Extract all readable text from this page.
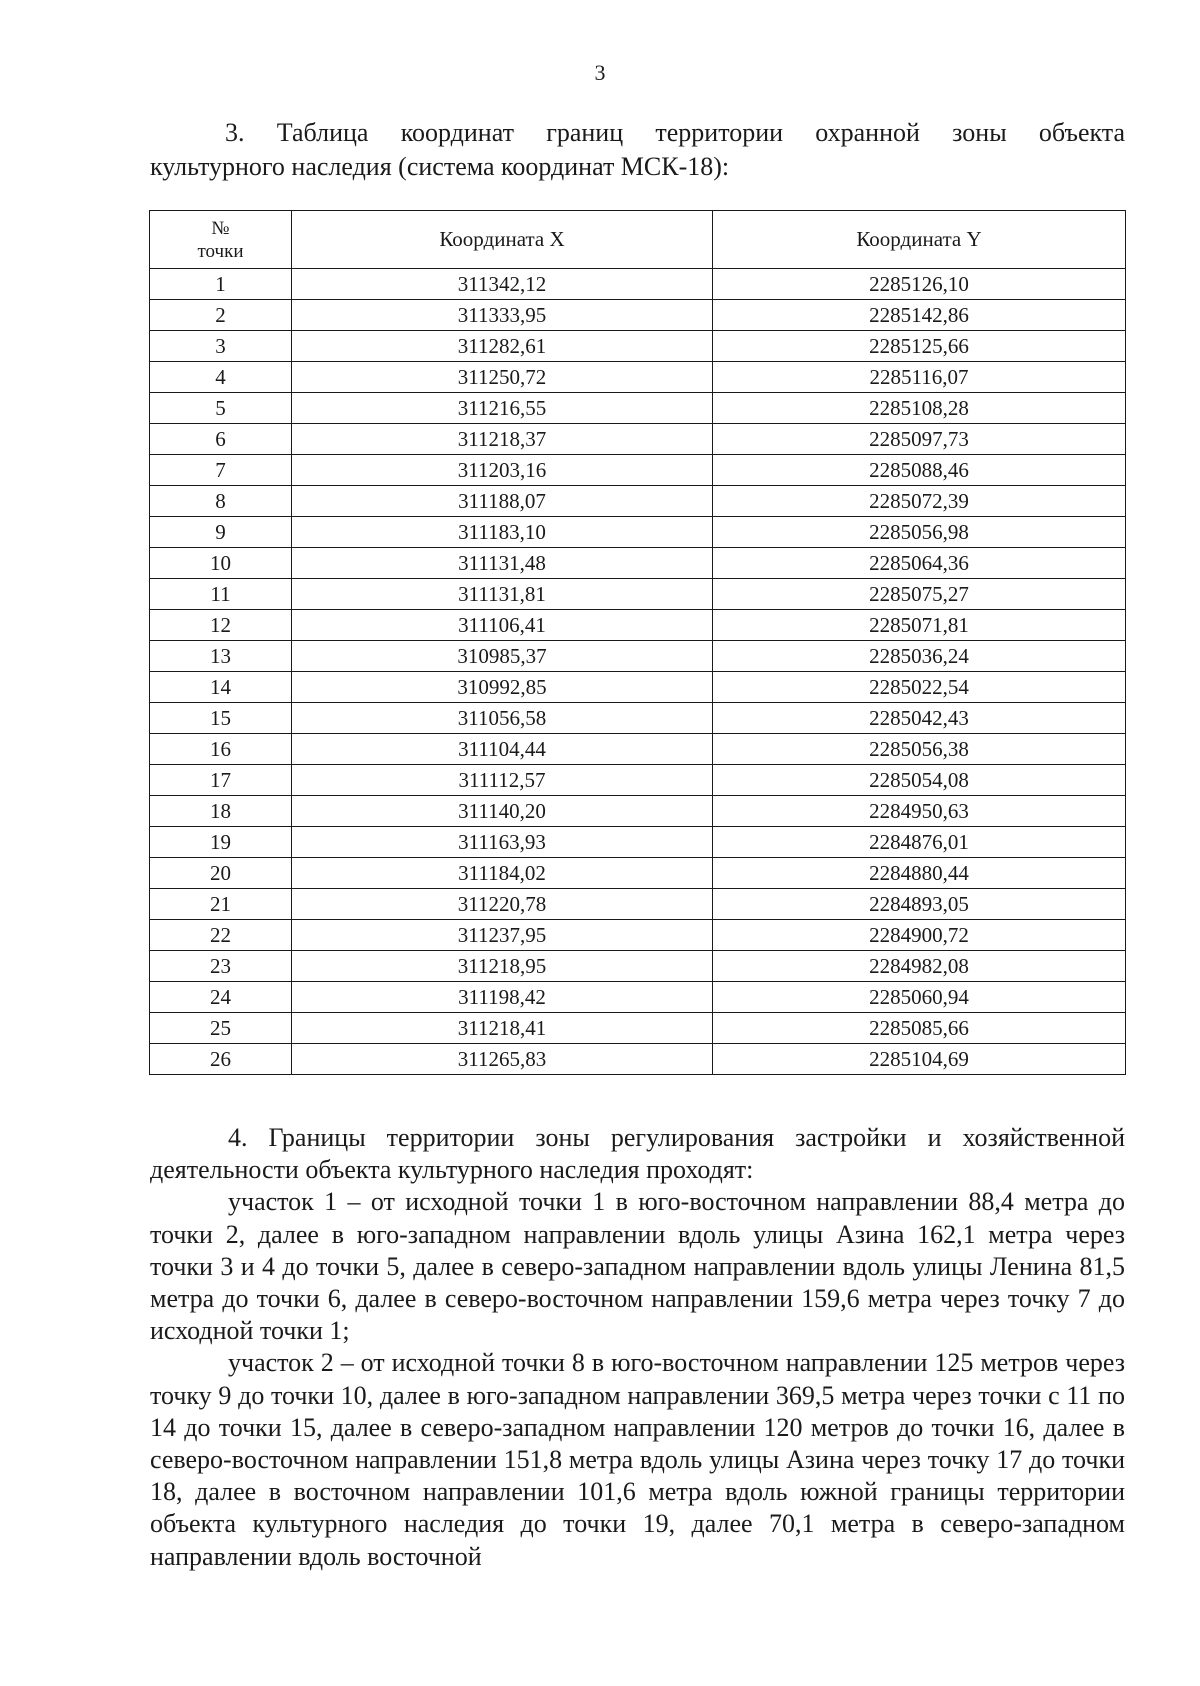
3
3. Таблица координат границ территории охранной зоны объекта
культурного наследия (система координат МСК-18):
№
точки	Координата X	Координата Y
1	311342,12	2285126,10
2	311333,95	2285142,86
3	311282,61	2285125,66
4	311250,72	2285116,07
5	311216,55	2285108,28
6	311218,37	2285097,73
7	311203,16	2285088,46
8	311188,07	2285072,39
9	311183,10	2285056,98
10	311131,48	2285064,36
11	311131,81	2285075,27
12	311106,41	2285071,81
13	310985,37	2285036,24
14	310992,85	2285022,54
15	311056,58	2285042,43
16	311104,44	2285056,38
17	311112,57	2285054,08
18	311140,20	2284950,63
19	311163,93	2284876,01
20	311184,02	2284880,44
21	311220,78	2284893,05
22	311237,95	2284900,72
23	311218,95	2284982,08
24	311198,42	2285060,94
25	311218,41	2285085,66
26	311265,83	2285104,69

4. Границы территории зоны регулирования застройки и хозяйственной деятельности объекта культурного наследия проходят:

участок 1 – от исходной точки 1 в юго-восточном направлении 88,4 метра до точки 2, далее в юго-западном направлении вдоль улицы Азина 162,1 метра через точки 3 и 4 до точки 5, далее в северо-западном направлении вдоль улицы Ленина 81,5 метра до точки 6, далее в северо-восточном направлении 159,6 метра через точку 7 до исходной точки 1;

участок 2 – от исходной точки 8 в юго-восточном направлении 125 метров через точку 9 до точки 10, далее в юго-западном направлении 369,5 метра через точки с 11 по 14 до точки 15, далее в северо-западном направлении 120 метров до точки 16, далее в северо-восточном направлении 151,8 метра вдоль улицы Азина через точку 17 до точки 18, далее в восточном направлении 101,6 метра вдоль южной границы территории объекта культурного наследия до точки 19, далее 70,1 метра в северо-западном направлении вдоль восточной
